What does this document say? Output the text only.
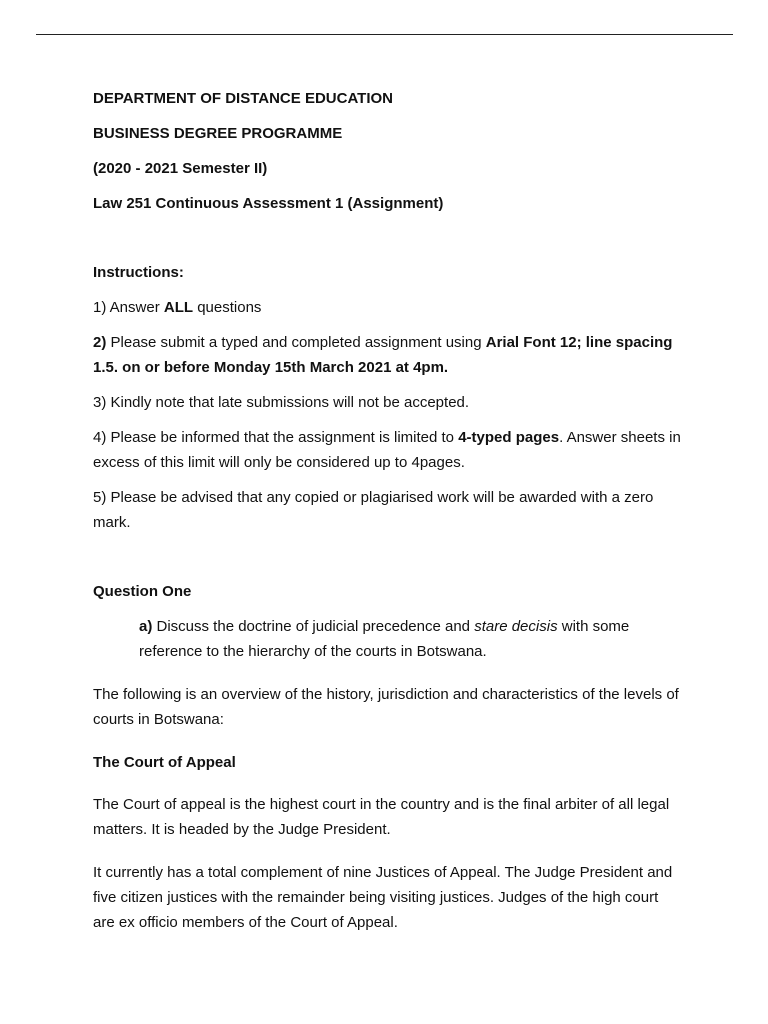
DEPARTMENT OF DISTANCE EDUCATION

BUSINESS DEGREE PROGRAMME

(2020 - 2021 Semester II)

Law 251 Continuous Assessment 1 (Assignment)

Instructions:

1) Answer ALL questions

2) Please submit a typed and completed assignment using Arial Font 12; line spacing 1.5. on or before Monday 15th March 2021 at 4pm.

3) Kindly note that late submissions will not be accepted.

4) Please be informed that the assignment is limited to 4-typed pages. Answer sheets in excess of this limit will only be considered up to 4pages.

5) Please be advised that any copied or plagiarised work will be awarded with a zero mark.

Question One

a) Discuss the doctrine of judicial precedence and stare decisis with some reference to the hierarchy of the courts in Botswana.

The following is an overview of the history, jurisdiction and characteristics of the levels of courts in Botswana:

The Court of Appeal

The Court of appeal is the highest court in the country and is the final arbiter of all legal matters. It is headed by the Judge President.

It currently has a total complement of nine Justices of Appeal. The Judge President and five citizen justices with the remainder being visiting justices. Judges of the high court are ex officio members of the Court of Appeal.
